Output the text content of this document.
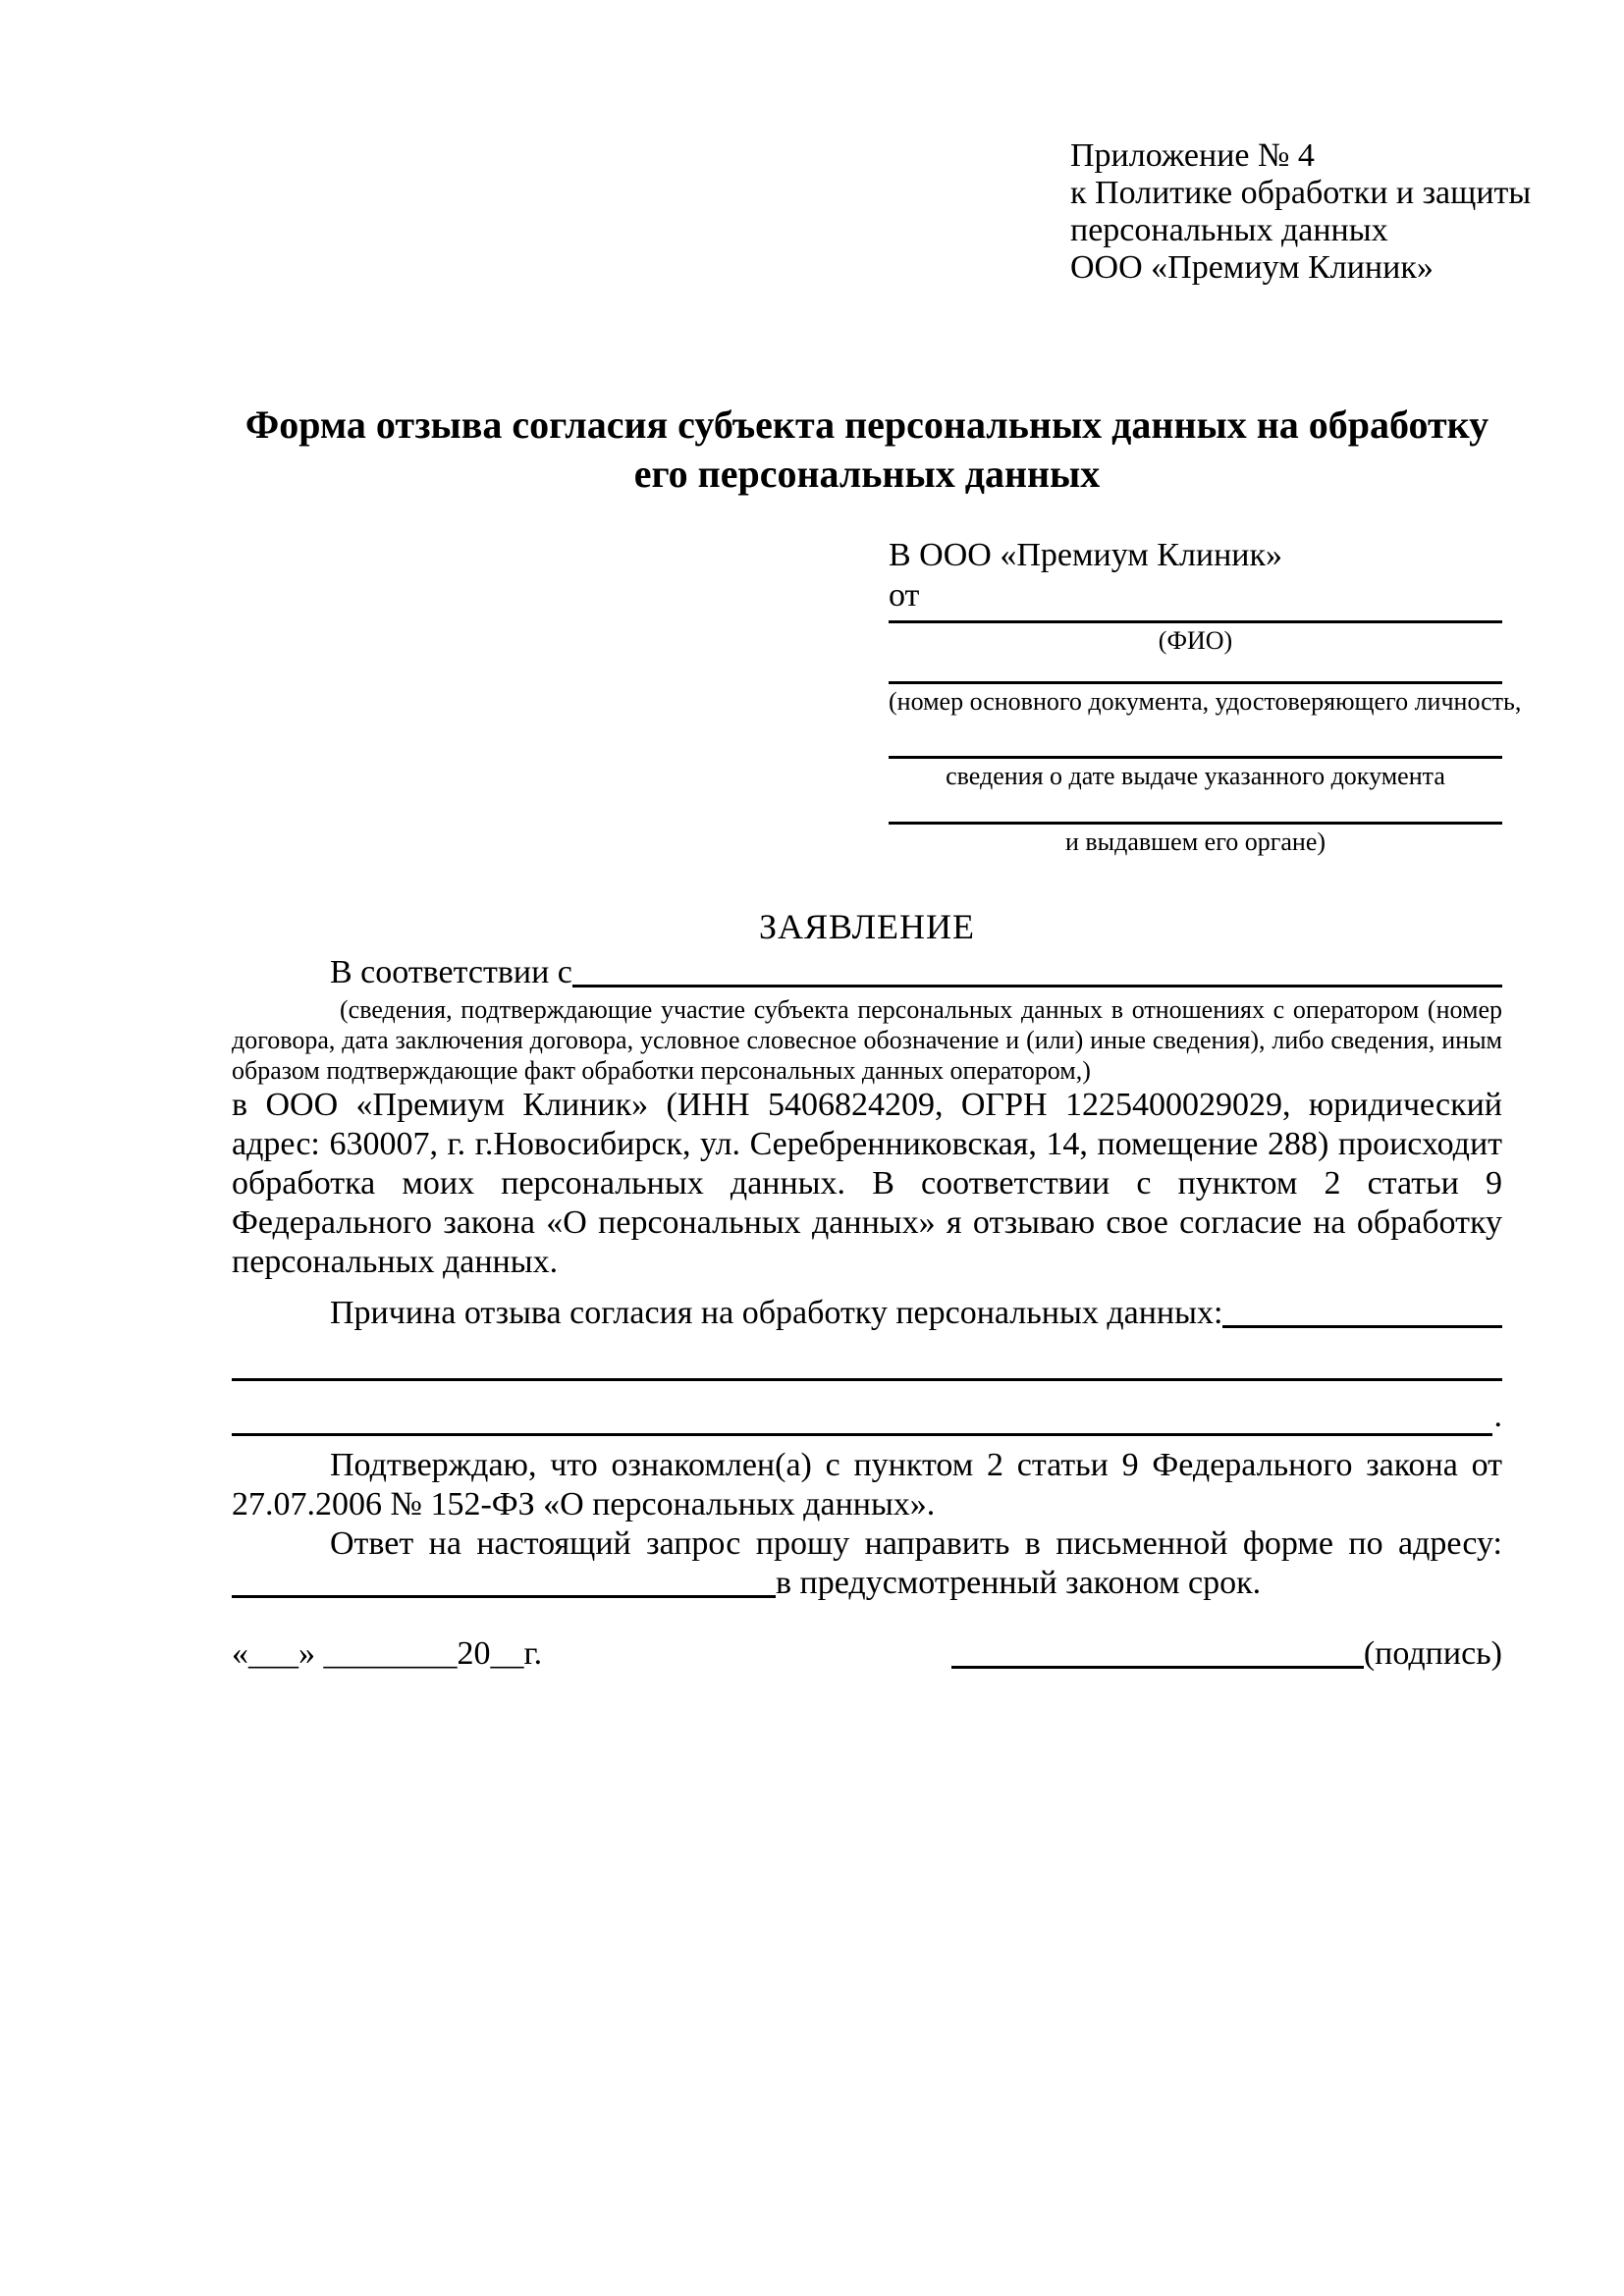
Приложение № 4
к Политике обработки и защиты
персональных данных
ООО «Премиум Клиник»
Форма отзыва согласия субъекта персональных данных на обработку
его персональных данных
В ООО «Премиум Клиник»
от
(ФИО)
(номер основного документа, удостоверяющего личность,
сведения о дате выдаче указанного документа
и выдавшем его органе)
ЗАЯВЛЕНИЕ
В соответствии с
(сведения, подтверждающие участие субъекта персональных данных в отношениях с оператором (номер договора, дата заключения договора, условное словесное обозначение и (или) иные сведения), либо сведения, иным образом подтверждающие факт обработки персональных данных оператором,)

в ООО «Премиум Клиник» (ИНН 5406824209, ОГРН 1225400029029, юридический адрес: 630007, г. г.Новосибирск, ул. Серебренниковская, 14, помещение 288) происходит обработка моих персональных данных. В соответствии с пунктом 2 статьи 9 Федерального закона «О персональных данных» я отзываю свое согласие на обработку персональных данных.

Причина отзыва согласия на обработку персональных данных:
.

Подтверждаю, что ознакомлен(а) с пунктом 2 статьи 9 Федерального закона от 27.07.2006 № 152-ФЗ «О персональных данных».

Ответ на настоящий запрос прошу направить в письменной форме по адресу:

в предусмотренный законом срок.
«___» ________20__г.	(подпись)
